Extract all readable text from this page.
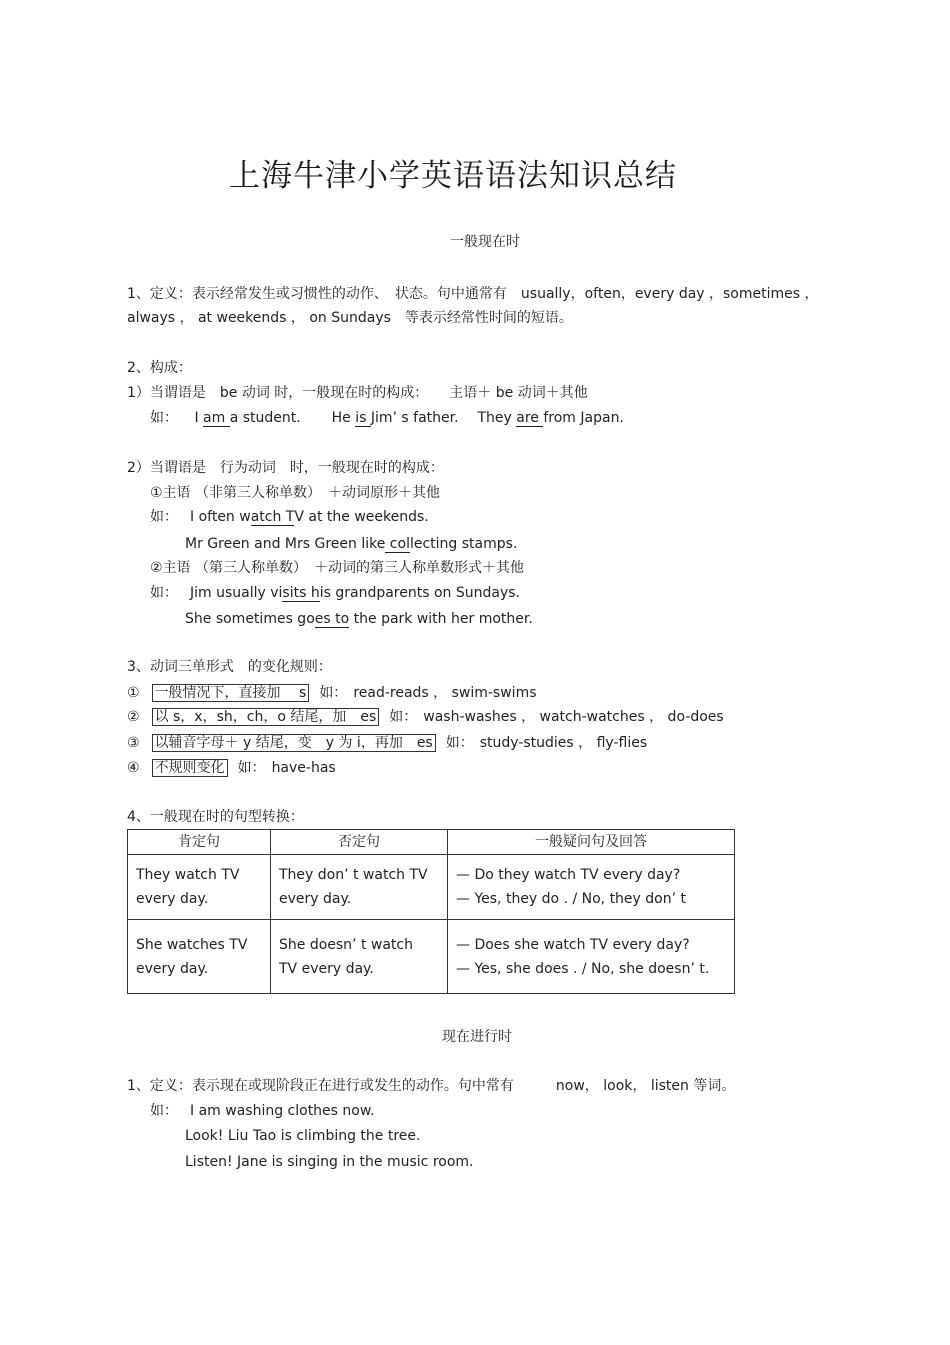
上海牛津小学英语语法知识总结
一般现在时
1、定义：表示经常发生或习惯性的动作、　状态。句中通常有　usually，often，every day ，sometimes ，
always ， at weekends ， on Sundays　等表示经常性时间的短语。
2、构成：
1）当谓语是　be 动词 时，一般现在时的构成：　　主语＋ be 动词＋其他
如： I am a student. He is Jim’ s father. They are from Japan.
2）当谓语是　行为动词　时，一般现在时的构成：
①主语 （非第三人称单数）　＋动词原形＋其他
如： I often watch TV at the weekends.
Mr Green and Mrs Green like collecting stamps.
②主语 （第三人称单数）　＋动词的第三人称单数形式＋其他
如： Jim usually visits his grandparents on Sundays.
She sometimes goes to the park with her mother.
3、动词三单形式　的变化规则：
① 一般情况下，直接加　 s 如： read-reads ， swim-swims
② 以 s，x，sh，ch，o 结尾，加　es 如： wash-washes ， watch-watches ， do-does
③ 以辅音字母＋ y 结尾，变　y 为 i，再加　es 如： study-studies ， fly-flies
④ 不规则变化 如： have-has
4、一般现在时的句型转换：
肯定句	否定句	一般疑问句及回答

They watch TV
every day.	They don’ t watch TV
every day.	— Do they watch TV every day?
— Yes, they do . / No, they don’ t

She watches TV
every day.	She doesn’ t watch
TV every day.	— Does she watch TV every day?
— Yes, she does . / No, she doesn’ t.
现在进行时
1、定义：表示现在或现阶段正在进行或发生的动作。句中常有　　　now， look， listen 等词。
如： I am washing clothes now.
Look! Liu Tao is climbing the tree.
Listen! Jane is singing in the music room.
